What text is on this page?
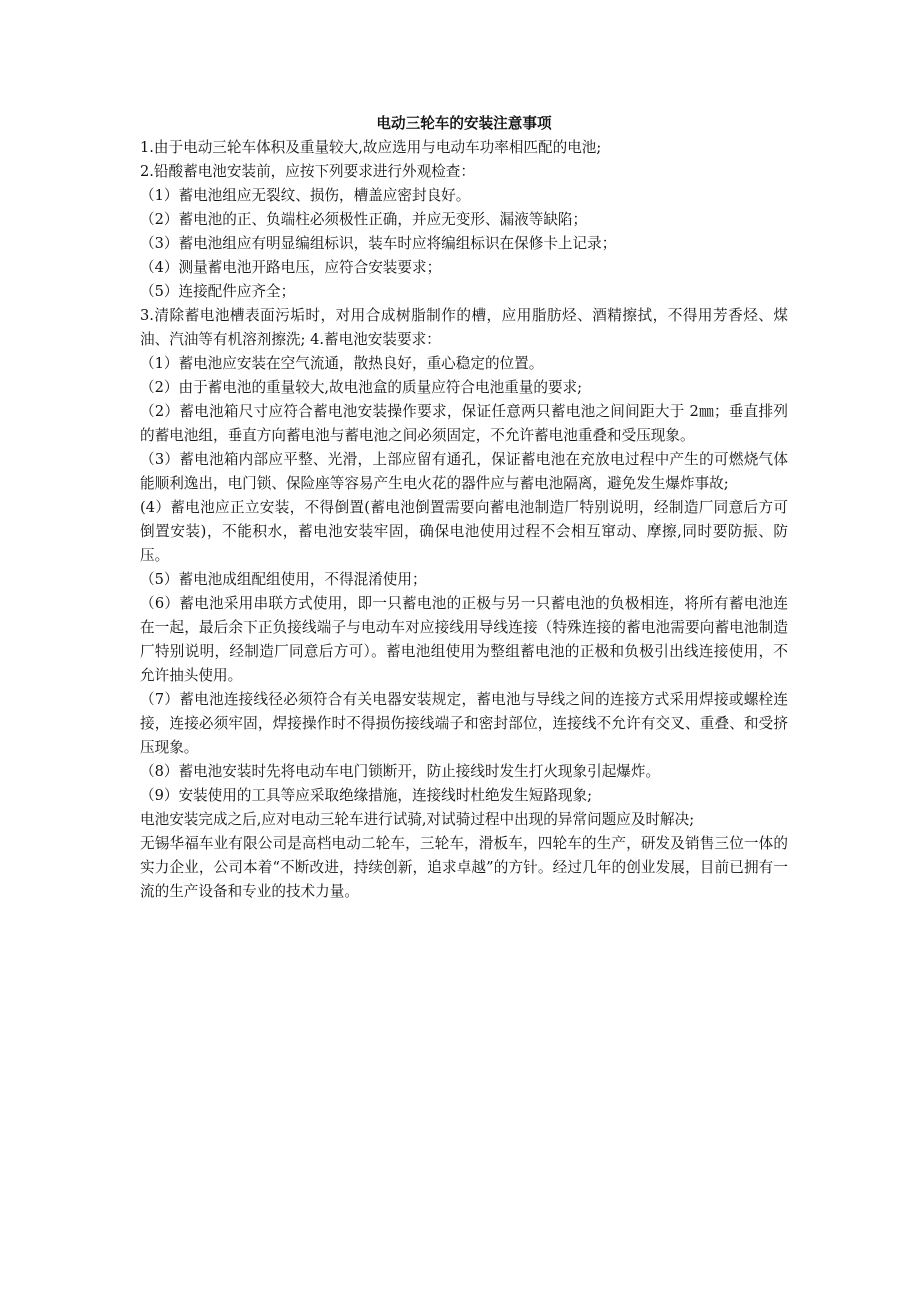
电动三轮车的安装注意事项

1.由于电动三轮车体积及重量较大,故应选用与电动车功率相匹配的电池;

2.铅酸蓄电池安装前，应按下列要求进行外观检查：

（1）蓄电池组应无裂纹、损伤，槽盖应密封良好。

（2）蓄电池的正、负端柱必须极性正确，并应无变形、漏液等缺陷；

（3）蓄电池组应有明显编组标识，装车时应将编组标识在保修卡上记录；

（4）测量蓄电池开路电压，应符合安装要求；

（5）连接配件应齐全；

3.清除蓄电池槽表面污垢时，对用合成树脂制作的槽，应用脂肪烃、酒精擦拭，不得用芳香烃、煤油、汽油等有机溶剂擦洗; 4.蓄电池安装要求：

（1）蓄电池应安装在空气流通，散热良好，重心稳定的位置。

（2）由于蓄电池的重量较大,故电池盒的质量应符合电池重量的要求;

（2）蓄电池箱尺寸应符合蓄电池安装操作要求，保证任意两只蓄电池之间间距大于 2㎜；垂直排列的蓄电池组，垂直方向蓄电池与蓄电池之间必须固定，不允许蓄电池重叠和受压现象。

（3）蓄电池箱内部应平整、光滑，上部应留有通孔，保证蓄电池在充放电过程中产生的可燃烧气体能顺利逸出，电门锁、保险座等容易产生电火花的器件应与蓄电池隔离，避免发生爆炸事故;

(4）蓄电池应正立安装，不得倒置(蓄电池倒置需要向蓄电池制造厂特别说明，经制造厂同意后方可倒置安装)，不能积水，蓄电池安装牢固，确保电池使用过程不会相互窜动、摩擦,同时要防振、防压。

（5）蓄电池成组配组使用，不得混淆使用；

（6）蓄电池采用串联方式使用，即一只蓄电池的正极与另一只蓄电池的负极相连，将所有蓄电池连在一起，最后余下正负接线端子与电动车对应接线用导线连接（特殊连接的蓄电池需要向蓄电池制造厂特别说明，经制造厂同意后方可）。蓄电池组使用为整组蓄电池的正极和负极引出线连接使用，不允许抽头使用。

（7）蓄电池连接线径必须符合有关电器安装规定，蓄电池与导线之间的连接方式采用焊接或螺栓连接，连接必须牢固，焊接操作时不得损伤接线端子和密封部位，连接线不允许有交叉、重叠、和受挤压现象。

（8）蓄电池安装时先将电动车电门锁断开，防止接线时发生打火现象引起爆炸。

（9）安装使用的工具等应采取绝缘措施，连接线时杜绝发生短路现象;

电池安装完成之后,应对电动三轮车进行试骑,对试骑过程中出现的异常问题应及时解决;

无锡华福车业有限公司是高档电动二轮车，三轮车，滑板车，四轮车的生产，研发及销售三位一体的实力企业，公司本着“不断改进，持续创新，追求卓越”的方针。经过几年的创业发展，目前已拥有一流的生产设备和专业的技术力量。
